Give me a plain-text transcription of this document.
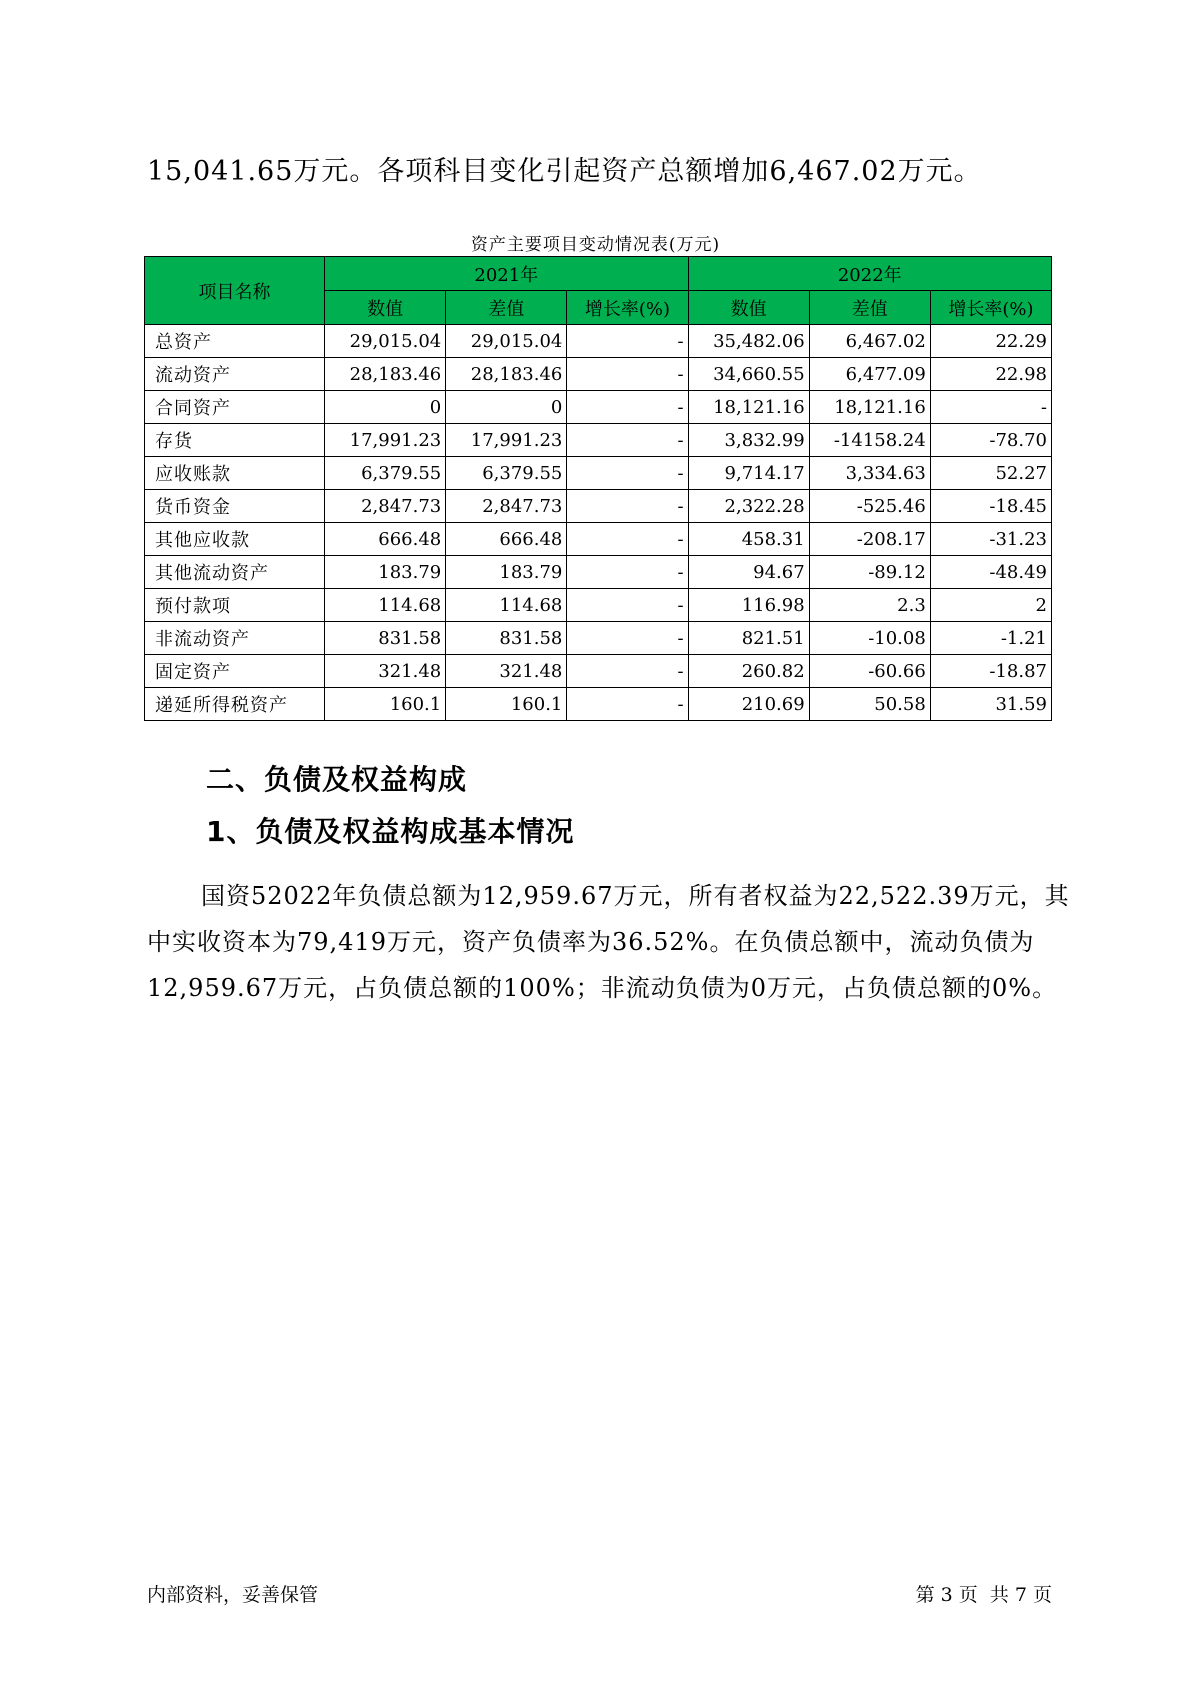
15,041.65万元。各项科目变化引起资产总额增加6,467.02万元。
资产主要项目变动情况表(万元)
项目名称	2021年			2022年		
	数值	差值	增长率(%)	数值	差值	增长率(%)
总资产	29,015.04	29,015.04	-	35,482.06	6,467.02	22.29
流动资产	28,183.46	28,183.46	-	34,660.55	6,477.09	22.98
合同资产	0	0	-	18,121.16	18,121.16	-
存货	17,991.23	17,991.23	-	3,832.99	-14158.24	-78.70
应收账款	6,379.55	6,379.55	-	9,714.17	3,334.63	52.27
货币资金	2,847.73	2,847.73	-	2,322.28	-525.46	-18.45
其他应收款	666.48	666.48	-	458.31	-208.17	-31.23
其他流动资产	183.79	183.79	-	94.67	-89.12	-48.49
预付款项	114.68	114.68	-	116.98	2.3	2
非流动资产	831.58	831.58	-	821.51	-10.08	-1.21
固定资产	321.48	321.48	-	260.82	-60.66	-18.87
递延所得税资产	160.1	160.1	-	210.69	50.58	31.59
二、负债及权益构成
1、负债及权益构成基本情况
国资52022年负债总额为12,959.67万元，所有者权益为22,522.39万元，其中实收资本为79,419万元，资产负债率为36.52%。在负债总额中，流动负债为12,959.67万元，占负债总额的100%；非流动负债为0万元，占负债总额的0%。
内部资料，妥善保管	第 3 页  共 7 页
